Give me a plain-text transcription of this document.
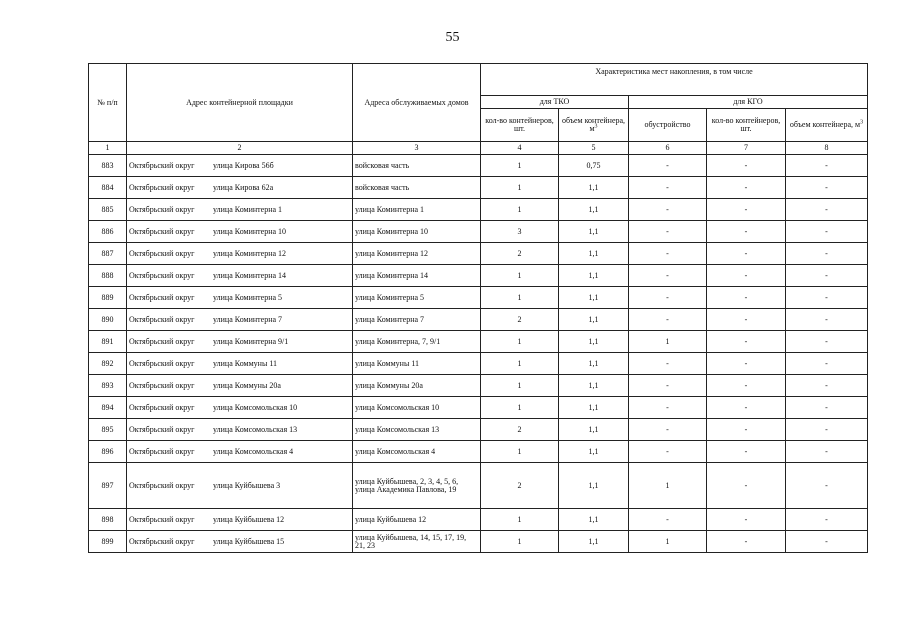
55
№ п/п	Адрес контейнерной площадки	Адреса обслуживаемых домов	Характеристика мест накопления, в том числе				
			для ТКО		для КГО		
			кол-во контейнеров, шт.	объем контейнера, $м^3$	обустройство	кол-во контейнеров, шт.	объем контейнера, $м^3$
1	2	3	4	5	6	7	8
883	Октябрьский округ улица Кирова 56б	войсковая часть	1	0,75	-	-	-
884	Октябрьский округ улица Кирова 62а	войсковая часть	1	1,1	-	-	-
885	Октябрьский округ улица Коминтерна 1	улица Коминтерна 1	1	1,1	-	-	-
886	Октябрьский округ улица Коминтерна 10	улица Коминтерна 10	3	1,1	-	-	-
887	Октябрьский округ улица Коминтерна 12	улица Коминтерна 12	2	1,1	-	-	-
888	Октябрьский округ улица Коминтерна 14	улица Коминтерна 14	1	1,1	-	-	-
889	Октябрьский округ улица Коминтерна 5	улица Коминтерна 5	1	1,1	-	-	-
890	Октябрьский округ улица Коминтерна 7	улица Коминтерна 7	2	1,1	-	-	-
891	Октябрьский округ улица Коминтерна 9/1	улица Коминтерна, 7, 9/1	1	1,1	1	-	-
892	Октябрьский округ улица Коммуны 11	улица Коммуны 11	1	1,1	-	-	-
893	Октябрьский округ улица Коммуны 20а	улица Коммуны 20а	1	1,1	-	-	-
894	Октябрьский округ улица Комсомольская 10	улица Комсомольская 10	1	1,1	-	-	-
895	Октябрьский округ улица Комсомольская 13	улица Комсомольская 13	2	1,1	-	-	-
896	Октябрьский округ улица Комсомольская 4	улица Комсомольская 4	1	1,1	-	-	-
897	Октябрьский округ улица Куйбышева 3	улица Куйбышева, 2, 3, 4, 5, 6, улица Академика Павлова, 19	2	1,1	1	-	-
898	Октябрьский округ улица Куйбышева 12	улица Куйбышева 12	1	1,1	-	-	-
899	Октябрьский округ улица Куйбышева 15	улица Куйбышева, 14, 15, 17, 19, 21, 23	1	1,1	1	-	-
